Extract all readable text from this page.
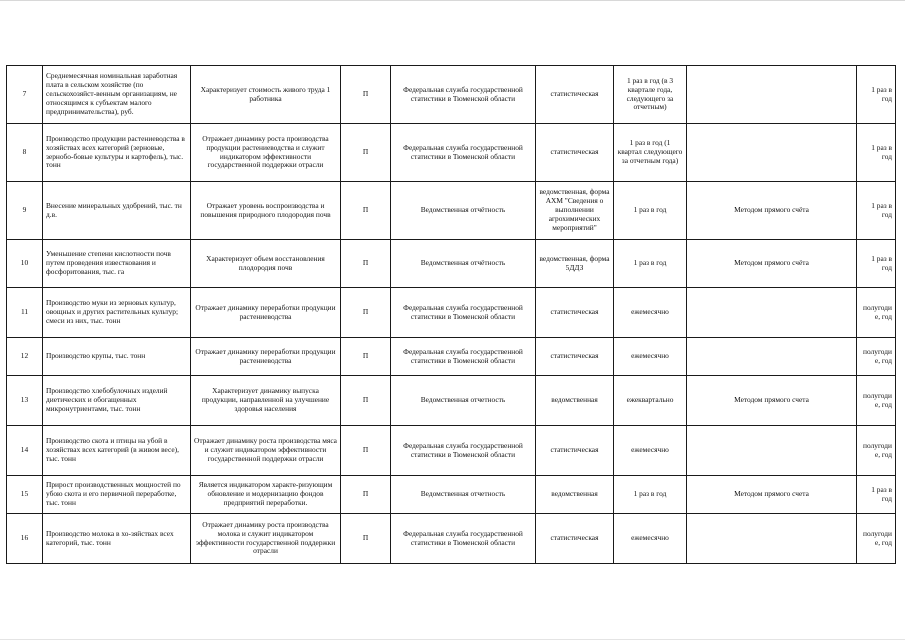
7	Среднемесячная номинальная заработная плата в сельском хозяйстве (по сельскохозяйст-венным организациям, не относящимся к субъектам малого предпринимательства), руб.	Характеризует стоимость живого труда 1 работника	П	Федеральная служба государственной статистики в Тюменской области	статистическая	1 раз в год (в 3 квартале года, следующего за отчетным)		1 раз в год
8	Производство продукции растениеводства в хозяйствах всех категорий (зерновые, зернобо-бовые культуры и картофель), тыс. тонн	Отражает динамику роста производства продукции растениеводства и служит индикатором эффективности государственной поддержки отрасли	П	Федеральная служба государственной статистики в Тюменской области	статистическая	1 раз в год (1 квартал следующего за отчетным года)		1 раз в год
9	Внесение минеральных удобрений, тыс. тн д.в.	Отражает уровень воспроизводства и повышения природного плодородия почв	П	Ведомственная отчётность	ведомственная, форма АХМ "Сведения о выполнении агрохимических мероприятий"	1 раз в год	Методом прямого счёта	1 раз в год
10	Уменьшение степени кислотности почв путем проведения известкования и фосфоритования, тыс. га	Характеризует объем восстановления плодородия почв	П	Ведомственная отчётность	ведомственная, форма 5ДДЗ	1 раз в год	Методом прямого счёта	1 раз в год
11	Производство муки из зерновых культур, овощных и других растительных культур; смеси из них, тыс. тонн	Отражает динамику переработки продукции растениеводства	П	Федеральная служба государственной статистики в Тюменской области	статистическая	ежемесячно		полугодие, год
12	Производство крупы, тыс. тонн	Отражает динамику переработки продукции растениеводства	П	Федеральная служба государственной статистики в Тюменской области	статистическая	ежемесячно		полугодие, год
13	Производство хлебобулочных изделий диетических и обогащенных микронутриентами, тыс. тонн	Характеризует динамику выпуска продукции, направленной на улучшение здоровья населения	П	Ведомственная отчетность	ведомственная	ежеквартально	Методом прямого счета	полугодие, год
14	Производство скота и птицы на убой в хозяйствах всех категорий (в живом весе), тыс. тонн	Отражает динамику роста производства мяса и служит индикатором эффективности государственной поддержки отрасли	П	Федеральная служба государственной статистики в Тюменской области	статистическая	ежемесячно		полугодие, год
15	Прирост производственных мощностей по убою скота и его первичной переработке, тыс. тонн	Является индикатором характе-ризующим обновление и модернизацию фондов предприятий переработки.	П	Ведомственная отчетность	ведомственная	1 раз в год	Методом прямого счета	1 раз в год
16	Производство молока в хо-зяйствах всех категорий, тыс. тонн	Отражает динамику роста производства молока и служит индикатором эффективности государственной поддержки отрасли	П	Федеральная служба государственной статистики в Тюменской области	статистическая	ежемесячно		полугодие, год
